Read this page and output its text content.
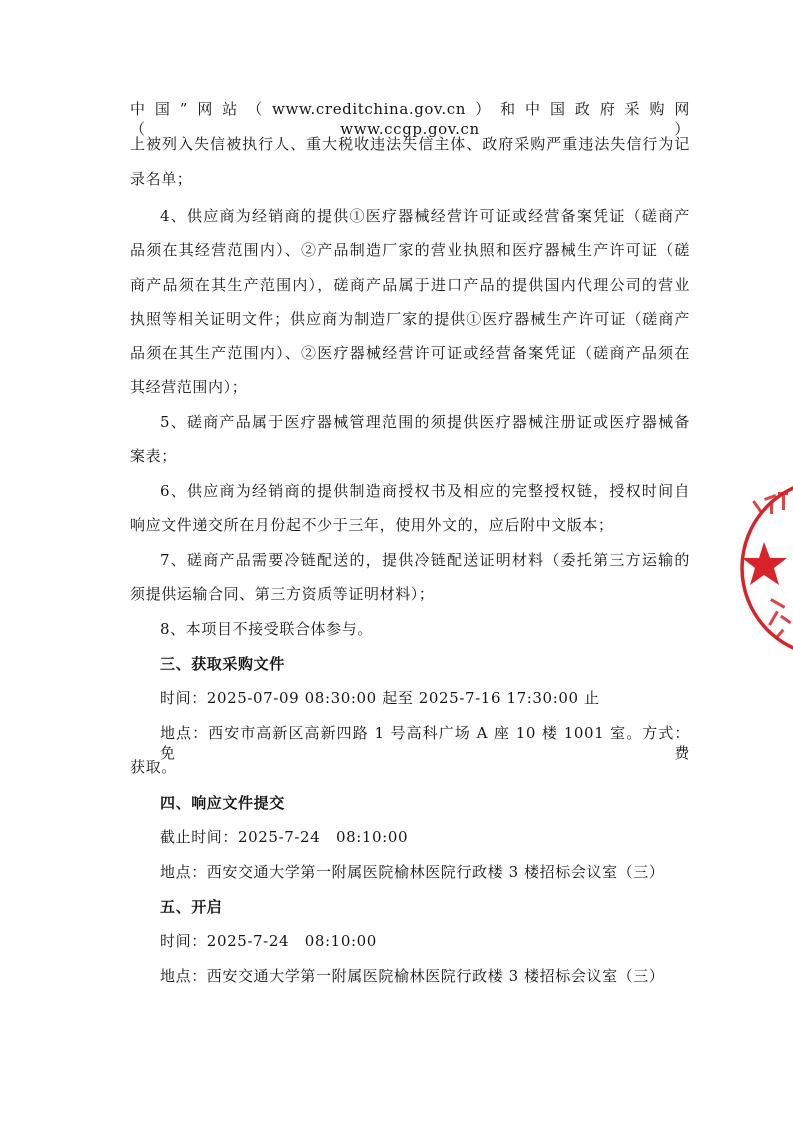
中国”网站（www.creditchina.gov.cn）和中国政府采购网（www.ccgp.gov.cn）
上被列入失信被执行人、重大税收违法失信主体、政府采购严重违法失信行为记
录名单；
4、供应商为经销商的提供①医疗器械经营许可证或经营备案凭证（磋商产
品须在其经营范围内）、②产品制造厂家的营业执照和医疗器械生产许可证（磋
商产品须在其生产范围内），磋商产品属于进口产品的提供国内代理公司的营业
执照等相关证明文件；供应商为制造厂家的提供①医疗器械生产许可证（磋商产
品须在其生产范围内）、②医疗器械经营许可证或经营备案凭证（磋商产品须在
其经营范围内）；
5、磋商产品属于医疗器械管理范围的须提供医疗器械注册证或医疗器械备
案表；
6、供应商为经销商的提供制造商授权书及相应的完整授权链，授权时间自
响应文件递交所在月份起不少于三年，使用外文的，应后附中文版本；
7、磋商产品需要冷链配送的，提供冷链配送证明材料（委托第三方运输的
须提供运输合同、第三方资质等证明材料）；
8、本项目不接受联合体参与。
三、获取采购文件
时间：2025-07-09 08:30:00 起至 2025-7-16 17:30:00 止
地点：西安市高新区高新四路 1 号高科广场 A 座 10 楼 1001 室。方式：免费
获取。
四、响应文件提交
截止时间：2025-7-24　08:10:00
地点：西安交通大学第一附属医院榆林医院行政楼 3 楼招标会议室（三）
五、开启
时间：2025-7-24　08:10:00
地点：西安交通大学第一附属医院榆林医院行政楼 3 楼招标会议室（三）
